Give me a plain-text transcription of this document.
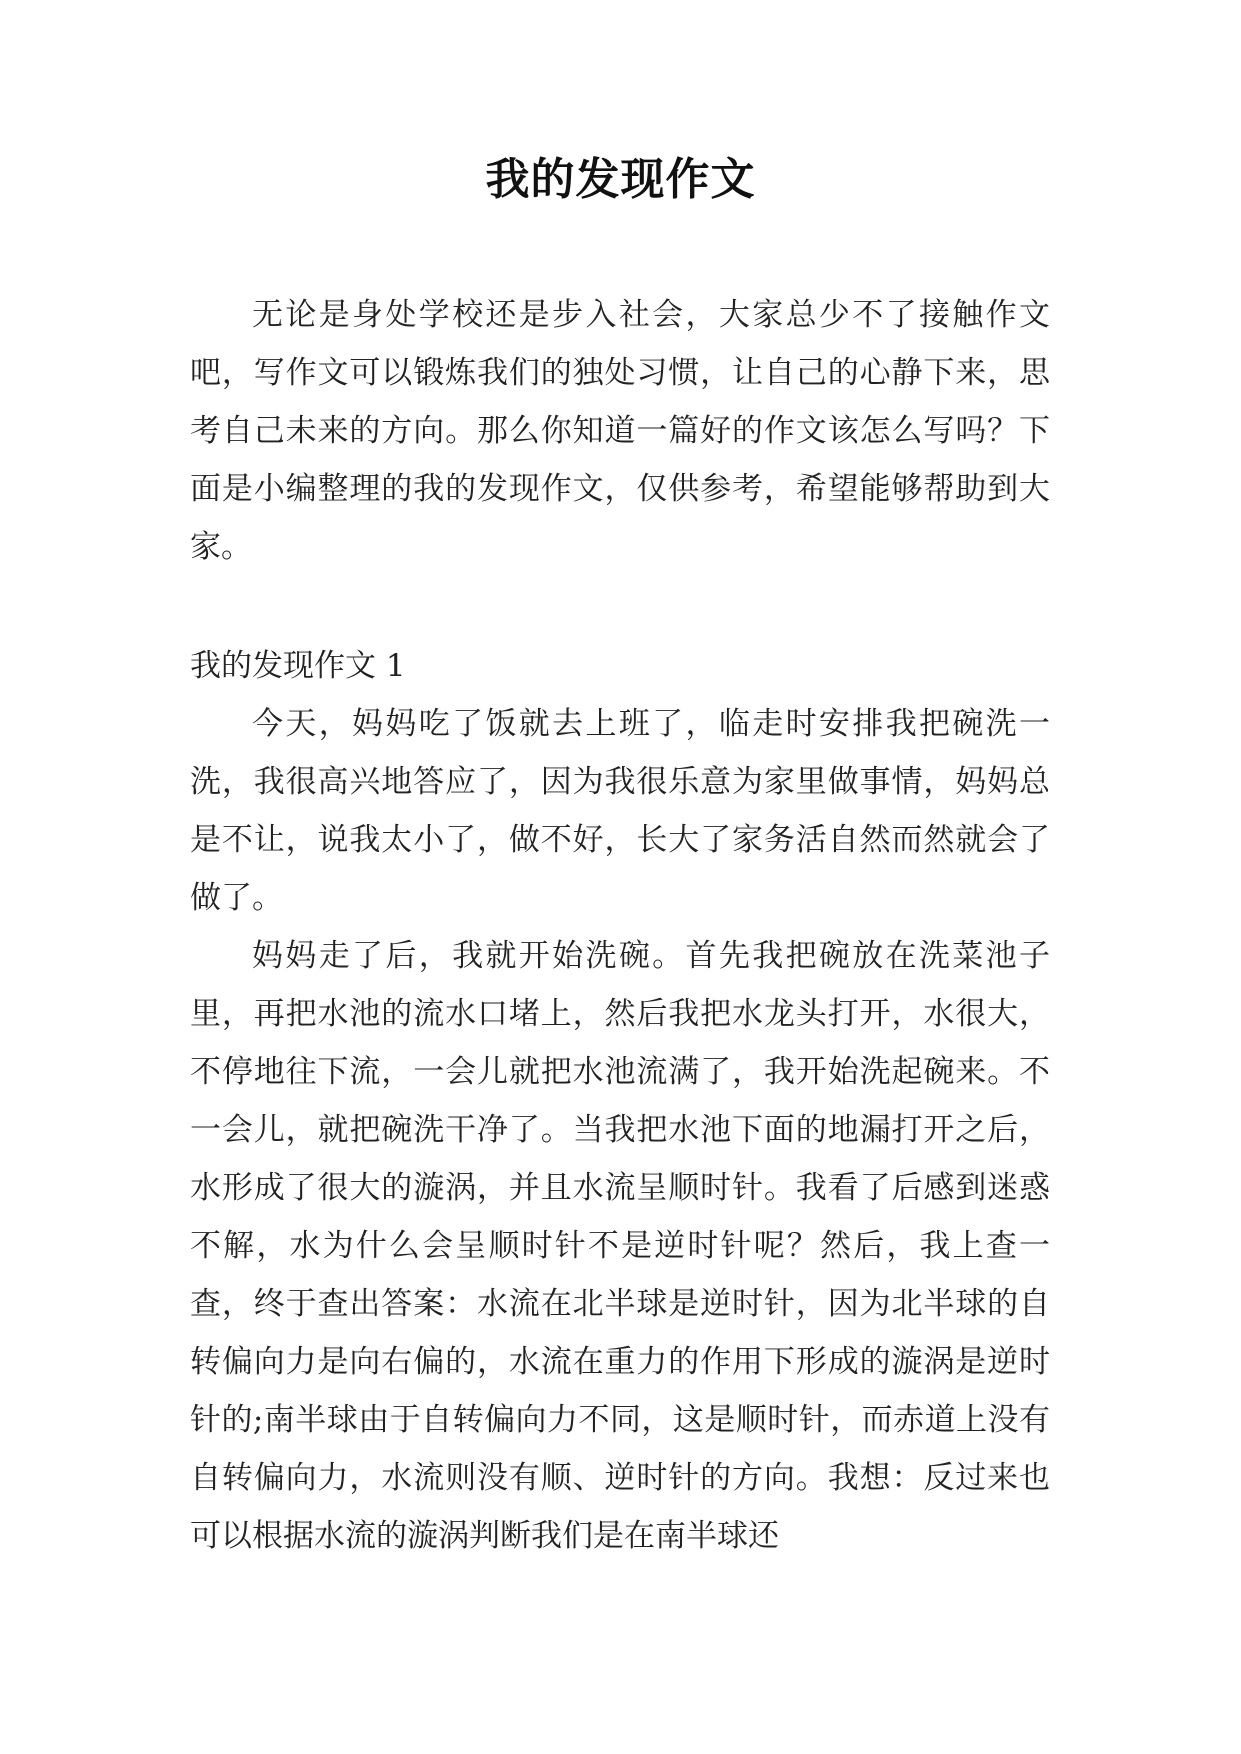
我的发现作文

无论是身处学校还是步入社会，大家总少不了接触作文吧，写作文可以锻炼我们的独处习惯，让自己的心静下来，思考自己未来的方向。那么你知道一篇好的作文该怎么写吗？下面是小编整理的我的发现作文，仅供参考，希望能够帮助到大家。

我的发现作文 1

今天，妈妈吃了饭就去上班了，临走时安排我把碗洗一洗，我很高兴地答应了，因为我很乐意为家里做事情，妈妈总是不让，说我太小了，做不好，长大了家务活自然而然就会了做了。

妈妈走了后，我就开始洗碗。首先我把碗放在洗菜池子里，再把水池的流水口堵上，然后我把水龙头打开，水很大，不停地往下流，一会儿就把水池流满了，我开始洗起碗来。不一会儿，就把碗洗干净了。当我把水池下面的地漏打开之后，水形成了很大的漩涡，并且水流呈顺时针。我看了后感到迷惑不解，水为什么会呈顺时针不是逆时针呢？然后，我上查一查，终于查出答案：水流在北半球是逆时针，因为北半球的自转偏向力是向右偏的，水流在重力的作用下形成的漩涡是逆时针的;南半球由于自转偏向力不同，这是顺时针，而赤道上没有自转偏向力，水流则没有顺、逆时针的方向。我想：反过来也可以根据水流的漩涡判断我们是在南半球还
